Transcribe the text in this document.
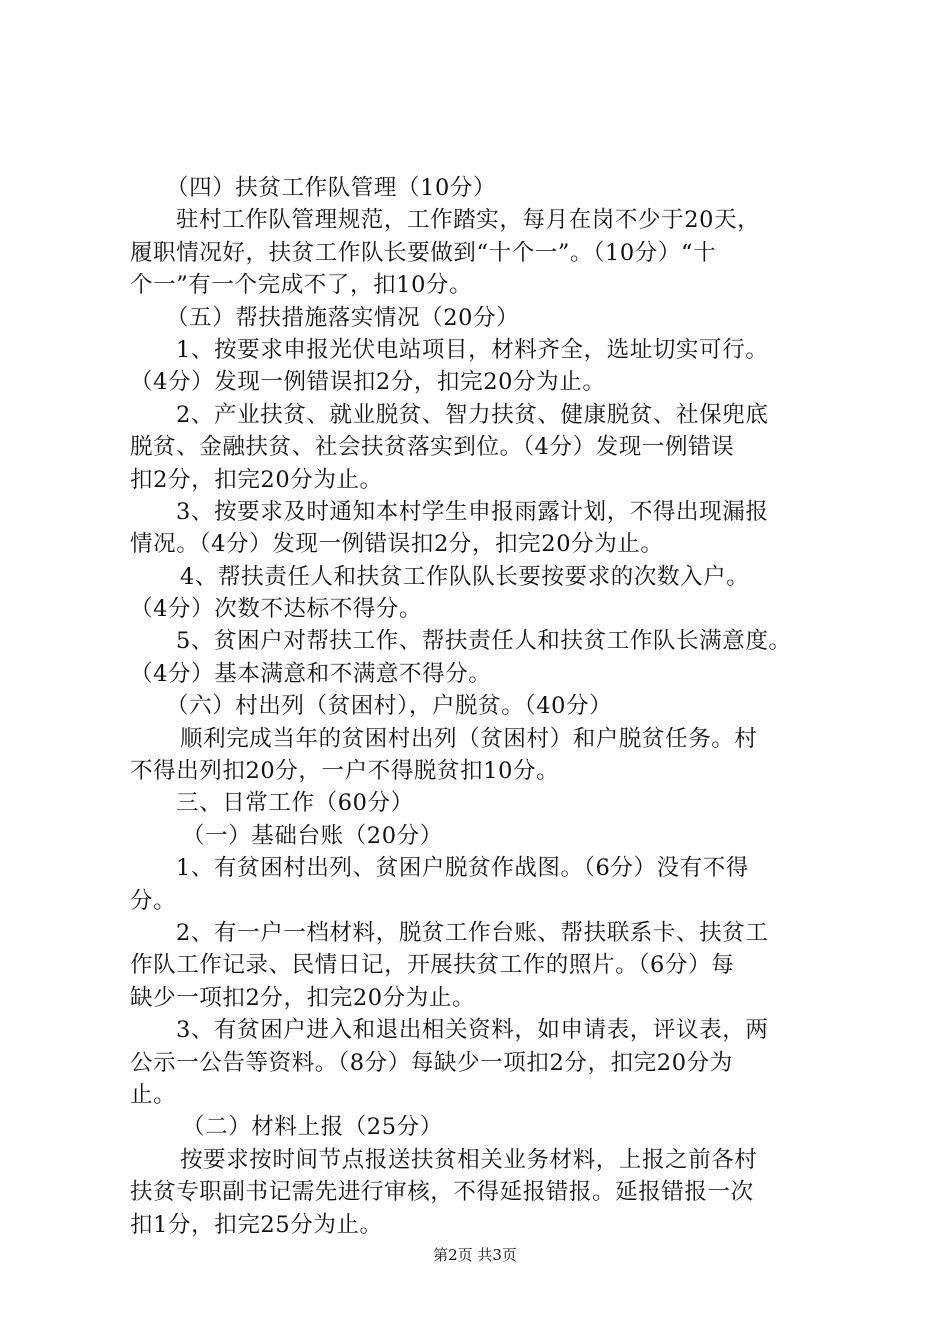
（四）扶贫工作队管理（10分）
驻村工作队管理规范，工作踏实，每月在岗不少于20天，
履职情况好，扶贫工作队长要做到“十个一”。（10分）“十
个一”有一个完成不了，扣10分。
（五）帮扶措施落实情况（20分）
1、按要求申报光伏电站项目，材料齐全，选址切实可行。
（4分）发现一例错误扣2分，扣完20分为止。
2、产业扶贫、就业脱贫、智力扶贫、健康脱贫、社保兜底
脱贫、金融扶贫、社会扶贫落实到位。（4分）发现一例错误
扣2分，扣完20分为止。
3、按要求及时通知本村学生申报雨露计划，不得出现漏报
情况。（4分）发现一例错误扣2分，扣完20分为止。
4、帮扶责任人和扶贫工作队队长要按要求的次数入户。
（4分）次数不达标不得分。
5、贫困户对帮扶工作、帮扶责任人和扶贫工作队长满意度。
（4分）基本满意和不满意不得分。
（六）村出列（贫困村），户脱贫。（40分）
顺利完成当年的贫困村出列（贫困村）和户脱贫任务。村
不得出列扣20分，一户不得脱贫扣10分。
三、日常工作（60分）
（一）基础台账（20分）
1、有贫困村出列、贫困户脱贫作战图。（6分）没有不得
分。
2、有一户一档材料，脱贫工作台账、帮扶联系卡、扶贫工
作队工作记录、民情日记，开展扶贫工作的照片。（6分）每
缺少一项扣2分，扣完20分为止。
3、有贫困户进入和退出相关资料，如申请表，评议表，两
公示一公告等资料。（8分）每缺少一项扣2分，扣完20分为
止。
（二）材料上报（25分）
按要求按时间节点报送扶贫相关业务材料，上报之前各村
扶贫专职副书记需先进行审核，不得延报错报。延报错报一次
扣1分，扣完25分为止。
第2页 共3页
